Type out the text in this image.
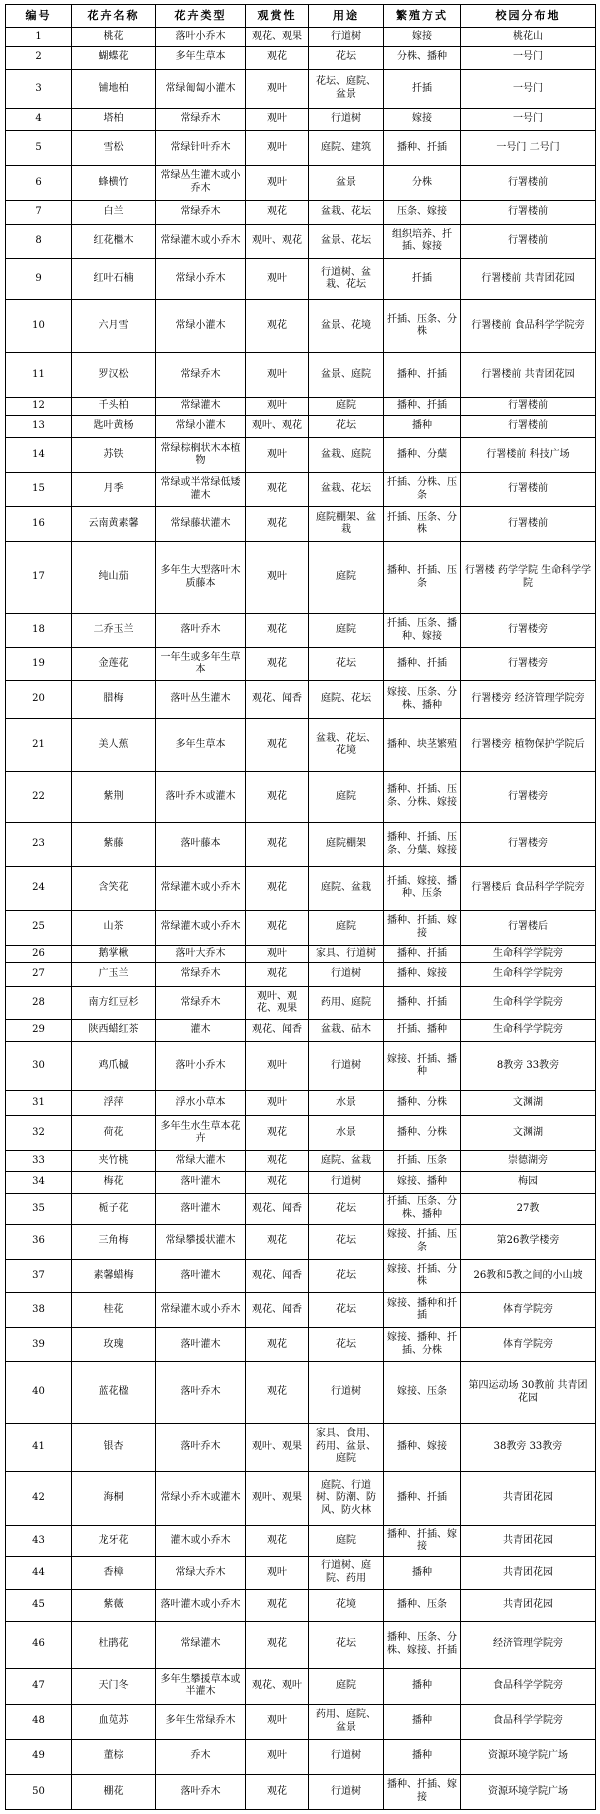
编号	花卉名称	花卉类型	观赏性	用途	繁殖方式	校园分布地
1	桃花	落叶小乔木	观花、观果	行道树	嫁接	桃花山
2	蝴蝶花	多年生草本	观花	花坛	分株、播种	一号门
3	铺地柏	常绿匍匐小灌木	观叶	花坛、庭院、盆景	扦插	一号门
4	塔柏	常绿乔木	观叶	行道树	嫁接	一号门
5	雪松	常绿针叶乔木	观叶	庭院、建筑	播种、扦插	一号门 二号门
6	蜂横竹	常绿丛生灌木或小乔木	观叶	盆景	分株	行署楼前
7	白兰	常绿乔木	观花	盆栽、花坛	压条、嫁接	行署楼前
8	红花檵木	常绿灌木或小乔木	观叶、观花	盆景、花坛	组织培养、扦插、嫁接	行署楼前
9	红叶石楠	常绿小乔木	观叶	行道树、盆栽、花坛	扦插	行署楼前 共青团花园
10	六月雪	常绿小灌木	观花	盆景、花境	扦插、压条、分株	行署楼前 食品科学学院旁
11	罗汉松	常绿乔木	观叶	盆景、庭院	播种、扦插	行署楼前 共青团花园
12	千头柏	常绿灌木	观叶	庭院	播种、扦插	行署楼前
13	匙叶黄杨	常绿小灌木	观叶、观花	花坛	播种	行署楼前
14	苏铁	常绿棕榈状木本植物	观叶	盆栽、庭院	播种、分蘖	行署楼前 科技广场
15	月季	常绿或半常绿低矮灌木	观花	盆栽、花坛	扦插、分株、压条	行署楼前
16	云南黄素馨	常绿藤状灌木	观花	庭院棚架、盆栽	扦插、压条、分株	行署楼前
17	纯山茄	多年生大型落叶木质藤本	观叶	庭院	播种、扦插、压条	行署楼 药学学院 生命科学学院
18	二乔玉兰	落叶乔木	观花	庭院	扦插、压条、播种、嫁接	行署楼旁
19	金莲花	一年生或多年生草本	观花	花坛	播种、扦插	行署楼旁
20	腊梅	落叶丛生灌木	观花、闻香	庭院、花坛	嫁接、压条、分株、播种	行署楼旁 经济管理学院旁
21	美人蕉	多年生草本	观花	盆栽、花坛、花境	播种、块茎繁殖	行署楼旁 植物保护学院后
22	紫荆	落叶乔木或灌木	观花	庭院	播种、扦插、压条、分株、嫁接	行署楼旁
23	紫藤	落叶藤本	观花	庭院棚架	播种、扦插、压条、分蘖、嫁接	行署楼旁
24	含笑花	常绿灌木或小乔木	观花	庭院、盆栽	扦插、嫁接、播种、压条	行署楼后 食品科学学院旁
25	山茶	常绿灌木或小乔木	观花	庭院	播种、扦插、嫁接	行署楼后
26	鹅掌楸	落叶大乔木	观叶	家具、行道树	播种、扦插	生命科学学院旁
27	广玉兰	常绿乔木	观花	行道树	播种、嫁接	生命科学学院旁
28	南方红豆杉	常绿乔木	观叶、观花、观果	药用、庭院	播种、扦插	生命科学学院旁
29	陕西蜡红茶	灌木	观花、闻香	盆栽、砧木	扦插、播种	生命科学学院旁
30	鸡爪槭	落叶小乔木	观叶	行道树	嫁接、扦插、播种	8教旁 33教旁
31	浮萍	浮水小草本	观叶	水景	播种、分株	文渊湖
32	荷花	多年生水生草本花卉	观花	水景	播种、分株	文渊湖
33	夹竹桃	常绿大灌木	观花	庭院、盆栽	扦插、压条	崇德湖旁
34	梅花	落叶灌木	观花	行道树	嫁接、播种	梅园
35	栀子花	落叶灌木	观花、闻香	花坛	扦插、压条、分株、播种	27教
36	三角梅	常绿攀援状灌木	观花	花坛	嫁接、扦插、压条	第26教学楼旁
37	素馨蜡梅	落叶灌木	观花、闻香	花坛	嫁接、扦插、分株	26教和5教之间的小山坡
38	桂花	常绿灌木或小乔木	观花、闻香	花坛	嫁接、播种和扦插	体育学院旁
39	玫瑰	落叶灌木	观花	花坛	嫁接、播种、扦插、分株	体育学院旁
40	蓝花楹	落叶乔木	观花	行道树	嫁接、压条	第四运动场 30教前 共青团花园
41	银杏	落叶乔木	观叶、观果	家具、食用、药用、盆景、庭院	播种、嫁接	38教旁 33教旁
42	海桐	常绿小乔木或灌木	观叶、观果	庭院、行道树、防潮、防风、防火林	播种、扦插	共青团花园
43	龙牙花	灌木或小乔木	观花	庭院	播种、扦插、嫁接	共青团花园
44	香樟	常绿大乔木	观叶	行道树、庭院、药用	播种	共青团花园
45	紫薇	落叶灌木或小乔木	观花	花境	播种、压条	共青团花园
46	杜鹃花	常绿灌木	观花	花坛	播种、压条、分株、嫁接、扦插	经济管理学院旁
47	天门冬	多年生攀援草本或半灌木	观花、观叶	庭院	播种	食品科学学院旁
48	血苋苏	多年生常绿乔木	观叶	药用、庭院、盆景	播种	食品科学学院旁
49	董棕	乔木	观叶	行道树	播种	资源环境学院广场
50	棚花	落叶乔木	观花	行道树	播种、扦插、嫁接	资源环境学院广场
